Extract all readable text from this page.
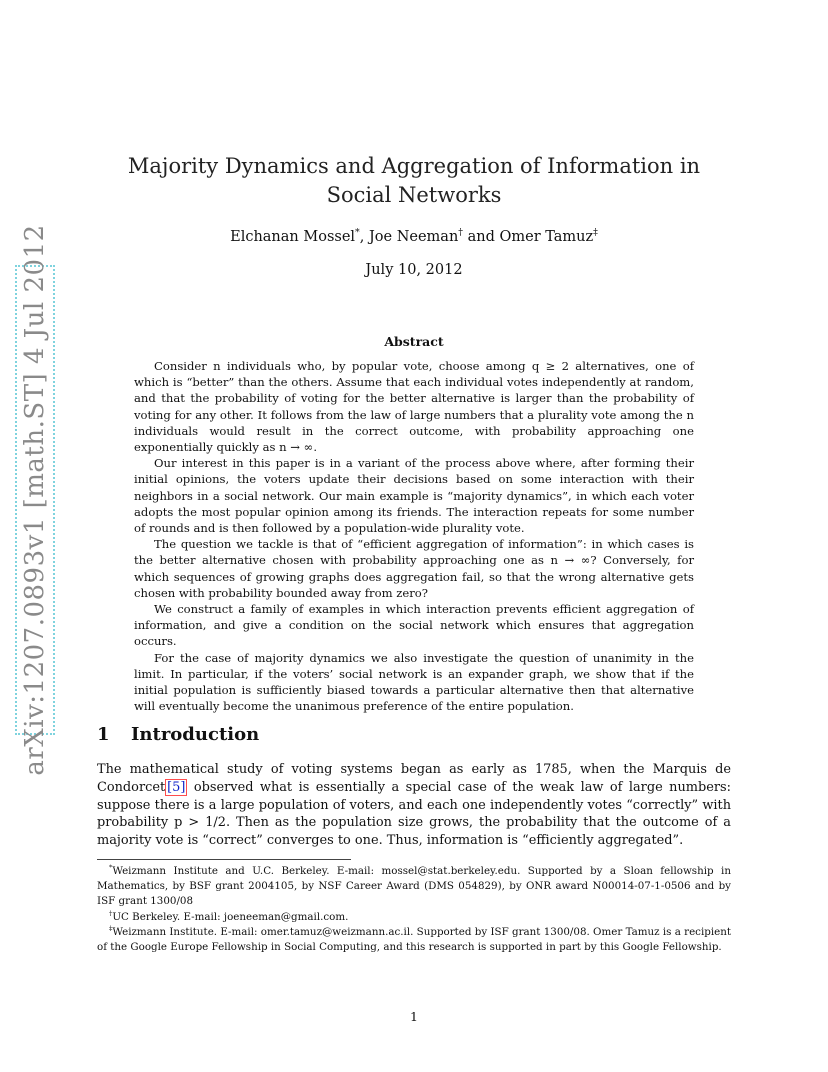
arXiv:1207.0893v1 [math.ST] 4 Jul 2012
Majority Dynamics and Aggregation of Information in Social Networks
Elchanan Mossel*, Joe Neeman† and Omer Tamuz‡
July 10, 2012
Abstract

Consider n individuals who, by popular vote, choose among q ≥ 2 alternatives, one of which is “better” than the others. Assume that each individual votes independently at random, and that the probability of voting for the better alternative is larger than the probability of voting for any other. It follows from the law of large numbers that a plurality vote among the n individuals would result in the correct outcome, with probability approaching one exponentially quickly as n → ∞.

Our interest in this paper is in a variant of the process above where, after forming their initial opinions, the voters update their decisions based on some interaction with their neighbors in a social network. Our main example is “majority dynamics”, in which each voter adopts the most popular opinion among its friends. The interaction repeats for some number of rounds and is then followed by a population-wide plurality vote.

The question we tackle is that of “efficient aggregation of information”: in which cases is the better alternative chosen with probability approaching one as n → ∞? Conversely, for which sequences of growing graphs does aggregation fail, so that the wrong alternative gets chosen with probability bounded away from zero?

We construct a family of examples in which interaction prevents efficient aggregation of information, and give a condition on the social network which ensures that aggregation occurs.

For the case of majority dynamics we also investigate the question of unanimity in the limit. In particular, if the voters’ social network is an expander graph, we show that if the initial population is sufficiently biased towards a particular alternative then that alternative will eventually become the unanimous preference of the entire population.

1 Introduction
The mathematical study of voting systems began as early as 1785, when the Marquis de Condorcet [5] observed what is essentially a special case of the weak law of large numbers: suppose there is a large population of voters, and each one independently votes “correctly” with probability p > 1/2. Then as the population size grows, the probability that the outcome of a majority vote is “correct” converges to one. Thus, information is “efficiently aggregated”.

*Weizmann Institute and U.C. Berkeley. E-mail: mossel@stat.berkeley.edu. Supported by a Sloan fellowship in Mathematics, by BSF grant 2004105, by NSF Career Award (DMS 054829), by ONR award N00014-07-1-0506 and by ISF grant 1300/08

†UC Berkeley. E-mail: joeneeman@gmail.com.

‡Weizmann Institute. E-mail: omer.tamuz@weizmann.ac.il. Supported by ISF grant 1300/08. Omer Tamuz is a recipient of the Google Europe Fellowship in Social Computing, and this research is supported in part by this Google Fellowship.

1
